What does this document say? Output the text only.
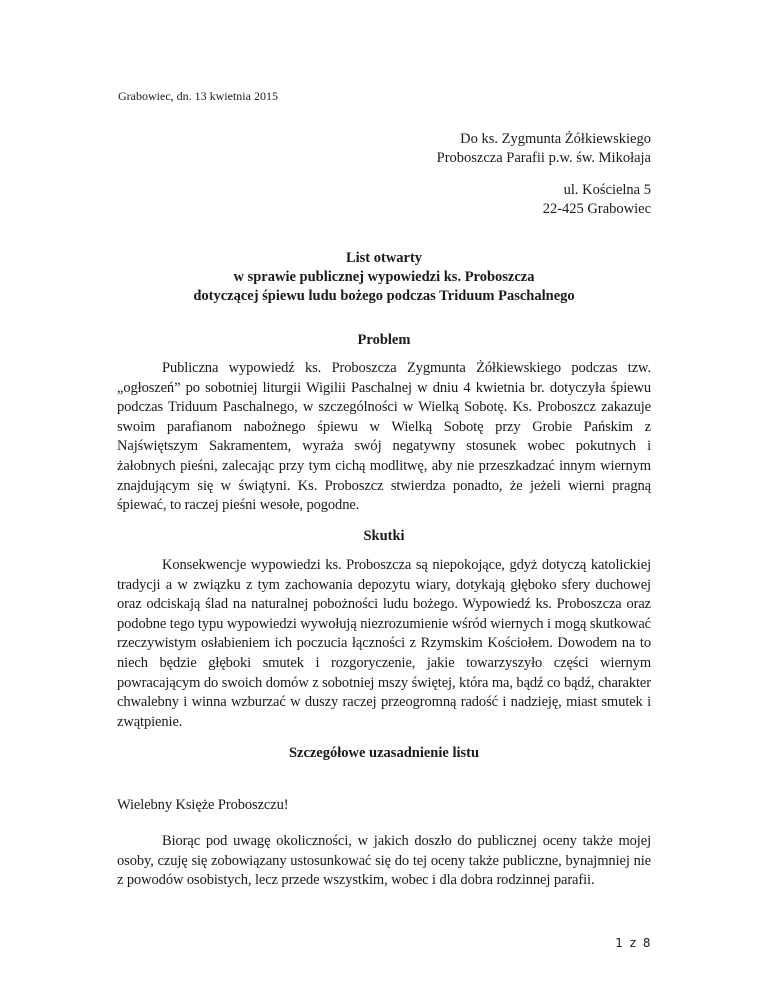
Grabowiec, dn. 13 kwietnia 2015
Do ks. Zygmunta Żółkiewskiego
Proboszcza Parafii p.w. św. Mikołaja
ul. Kościelna 5
22-425 Grabowiec
List otwarty
w sprawie publicznej wypowiedzi ks. Proboszcza
dotyczącej śpiewu ludu bożego podczas Triduum Paschalnego
Problem
Publiczna wypowiedź ks. Proboszcza Zygmunta Żółkiewskiego podczas tzw. „ogłoszeń” po sobotniej liturgii Wigilii Paschalnej w dniu 4 kwietnia br. dotyczyła śpiewu podczas Triduum Paschalnego, w szczególności w Wielką Sobotę. Ks. Proboszcz zakazuje swoim parafianom nabożnego śpiewu w Wielką Sobotę przy Grobie Pańskim z Najświętszym Sakramentem, wyraża swój negatywny stosunek wobec pokutnych i żałobnych pieśni, zalecając przy tym cichą modlitwę, aby nie przeszkadzać innym wiernym znajdującym się w świątyni. Ks. Proboszcz stwierdza ponadto, że jeżeli wierni pragną śpiewać, to raczej pieśni wesołe, pogodne.
Skutki
Konsekwencje wypowiedzi ks. Proboszcza są niepokojące, gdyż dotyczą katolickiej tradycji a w związku z tym zachowania depozytu wiary, dotykają głęboko sfery duchowej oraz odciskają ślad na naturalnej pobożności ludu bożego. Wypowiedź ks. Proboszcza oraz podobne tego typu wypowiedzi wywołują niezrozumienie wśród wiernych i mogą skutkować rzeczywistym osłabieniem ich poczucia łączności z Rzymskim Kościołem. Dowodem na to niech będzie głęboki smutek i rozgoryczenie, jakie towarzyszyło części wiernym powracającym do swoich domów z sobotniej mszy świętej, która ma, bądź co bądź, charakter chwalebny i winna wzburzać w duszy raczej przeogromną radość i nadzieję, miast smutek i zwątpienie.
Szczegółowe uzasadnienie listu
Wielebny Księże Proboszczu!
Biorąc pod uwagę okoliczności, w jakich doszło do publicznej oceny także mojej osoby, czuję się zobowiązany ustosunkować się do tej oceny także publiczne, bynajmniej nie z powodów osobistych, lecz przede wszystkim, wobec i dla dobra rodzinnej parafii.
1 z 8
